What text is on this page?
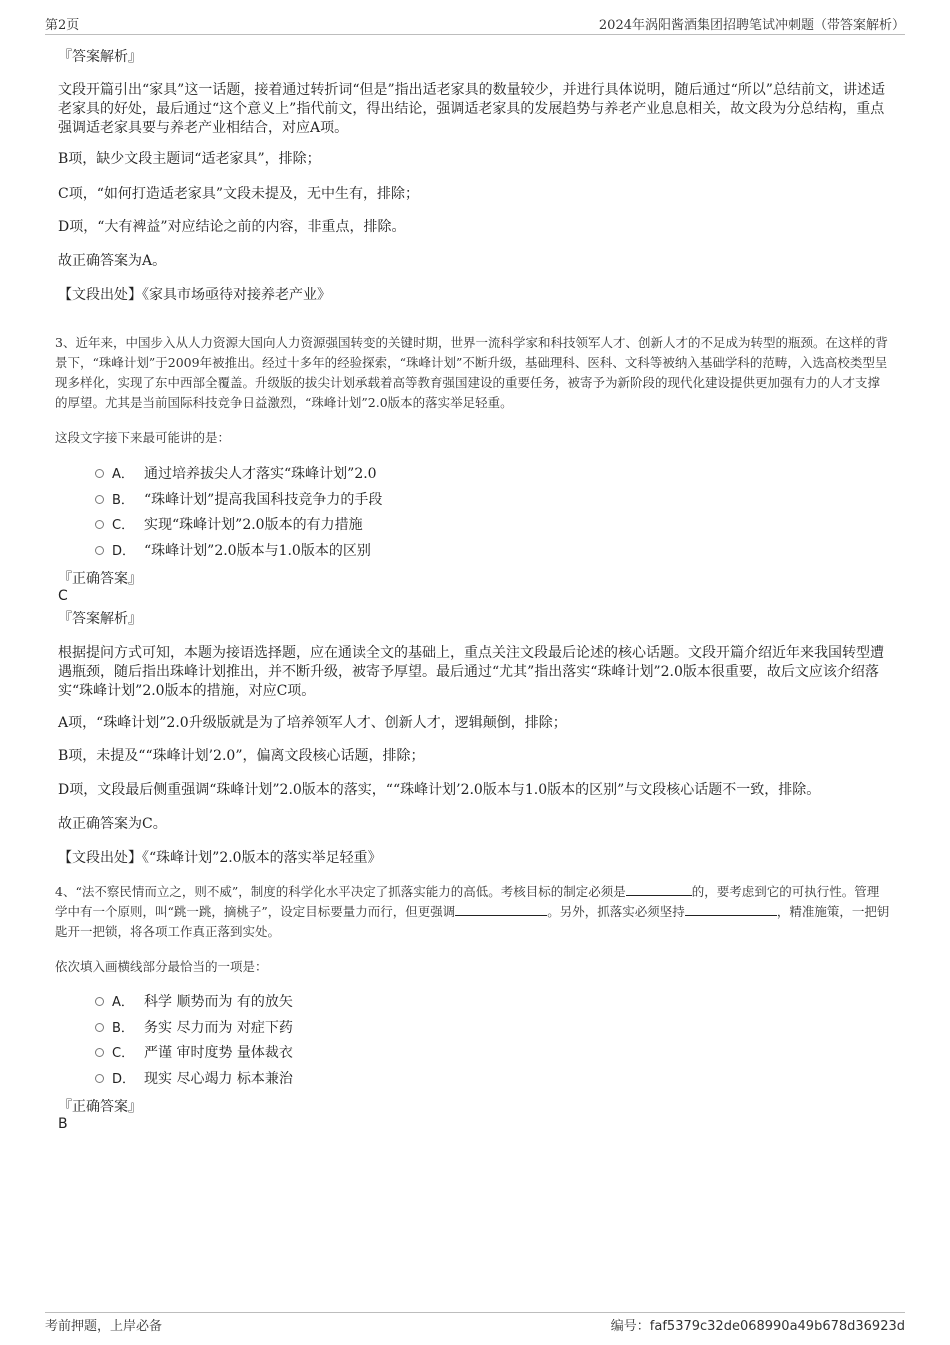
第2页	2024年涡阳酱酒集团招聘笔试冲刺题（带答案解析）
『答案解析』
文段开篇引出“家具”这一话题，接着通过转折词“但是”指出适老家具的数量较少，并进行具体说明，随后通过“所以”总结前文，讲述适老家具的好处，最后通过“这个意义上”指代前文，得出结论，强调适老家具的发展趋势与养老产业息息相关，故文段为分总结构，重点强调适老家具要与养老产业相结合，对应A项。
B项，缺少文段主题词“适老家具”，排除；
C项，“如何打造适老家具”文段未提及，无中生有，排除；
D项，“大有裨益”对应结论之前的内容，非重点，排除。
故正确答案为A。
【文段出处】《家具市场亟待对接养老产业》
3、近年来，中国步入从人力资源大国向人力资源强国转变的关键时期，世界一流科学家和科技领军人才、创新人才的不足成为转型的瓶颈。在这样的背景下，“珠峰计划”于2009年被推出。经过十多年的经验探索，“珠峰计划”不断升级，基础理科、医科、文科等被纳入基础学科的范畴，入选高校类型呈现多样化，实现了东中西部全覆盖。升级版的拔尖计划承载着高等教育强国建设的重要任务，被寄予为新阶段的现代化建设提供更加强有力的人才支撑的厚望。尤其是当前国际科技竞争日益激烈，“珠峰计划”2.0版本的落实举足轻重。
这段文字接下来最可能讲的是：
A． 通过培养拔尖人才落实“珠峰计划”2.0
B． “珠峰计划”提高我国科技竞争力的手段
C． 实现“珠峰计划”2.0版本的有力措施
D． “珠峰计划”2.0版本与1.0版本的区别
『正确答案』
C
『答案解析』
根据提问方式可知，本题为接语选择题，应在通读全文的基础上，重点关注文段最后论述的核心话题。文段开篇介绍近年来我国转型遭遇瓶颈，随后指出珠峰计划推出，并不断升级，被寄予厚望。最后通过“尤其”指出落实“珠峰计划”2.0版本很重要，故后文应该介绍落实“珠峰计划”2.0版本的措施，对应C项。
A项，“珠峰计划”2.0升级版就是为了培养领军人才、创新人才，逻辑颠倒，排除；
B项，未提及““珠峰计划’2.0”，偏离文段核心话题，排除；
D项，文段最后侧重强调“珠峰计划”2.0版本的落实，““珠峰计划’2.0版本与1.0版本的区别”与文段核心话题不一致，排除。
故正确答案为C。
【文段出处】《“珠峰计划”2.0版本的落实举足轻重》
4、“法不察民情而立之，则不威”，制度的科学化水平决定了抓落实能力的高低。考核目标的制定必须是	的，要考虑到它的可执行性。管理学中有一个原则，叫“跳一跳，摘桃子”，设定目标要量力而行，但更强调	。另外，抓落实必须坚持	，精准施策，一把钥匙开一把锁，将各项工作真正落到实处。
依次填入画横线部分最恰当的一项是：
A． 科学 顺势而为 有的放矢
B． 务实 尽力而为 对症下药
C． 严谨 审时度势 量体裁衣
D． 现实 尽心竭力 标本兼治
『正确答案』
B
考前押题，上岸必备	编号：faf5379c32de068990a49b678d36923d
